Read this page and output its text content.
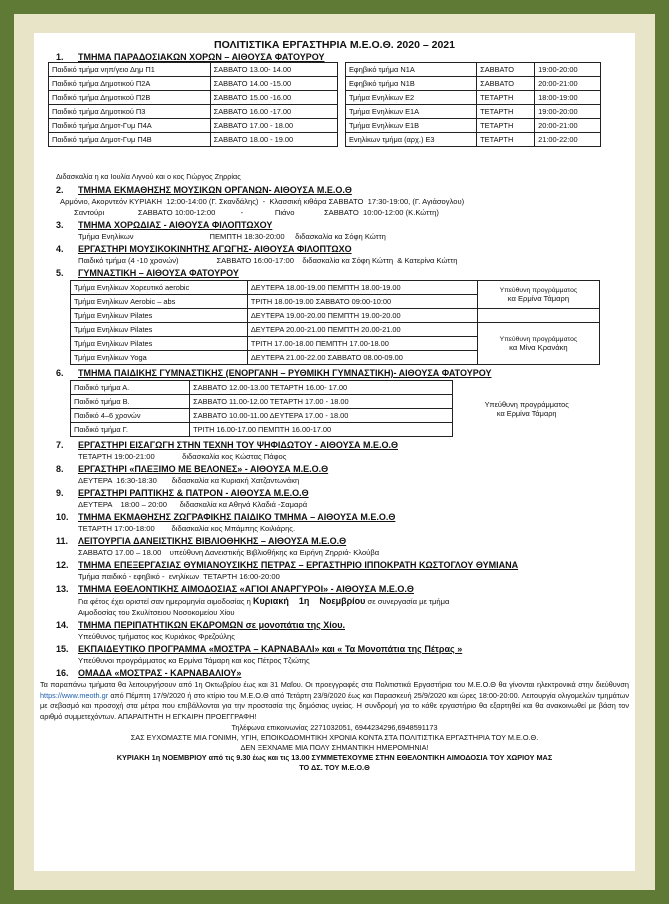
ΠΟΛΙΤΙΣΤΙΚΑ ΕΡΓΑΣΤΗΡΙΑ Μ.Ε.Ο.Θ. 2020 – 2021
1.	ΤΜΗΜΑ ΠΑΡΑΔΟΣΙΑΚΩΝ ΧΟΡΩΝ – ΑΙΘΟΥΣΑ ΦΑΤΟΥΡΟΥ
Παιδικό τμήμα νηπ/γειο Δημ Π1	ΣΑΒΒΑΤΟ 13.00- 14.00
Παιδικό τμήμα Δημοτικού Π2Α	ΣΑΒΒΑΤΟ 14.00 -15.00
Παιδικό τμήμα Δημοτικού Π2Β	ΣΑΒΒΑΤΟ 15.00 -16.00
Παιδικό τμήμα Δημοτικού Π3	ΣΑΒΒΑΤΟ 16.00 -17.00
Παιδικό τμήμα Δημοτ-Γυμ Π4Α	ΣΑΒΒΑΤΟ 17.00 - 18.00
Παιδικό τμήμα Δημοτ-Γυμ Π4Β	ΣΑΒΒΑΤΟ 18.00 - 19.00
Εφηβικό τμήμα Ν1Α	ΣΑΒΒΑΤΟ	19:00-20:00
Εφηβικό τμήμα Ν1Β	ΣΑΒΒΑΤΟ	20:00-21:00
Τμήμα Ενηλίκων Ε2	ΤΕΤΑΡΤΗ	18:00-19:00
Τμήμα Ενηλίκων Ε1Α	ΤΕΤΑΡΤΗ	19:00-20:00
Τμήμα Ενηλίκων Ε1Β	ΤΕΤΑΡΤΗ	20:00-21:00
Ενηλίκων τμήμα (αρχ.) Ε3	ΤΕΤΑΡΤΗ	21:00-22:00
Διδασκαλία η κα Ιουλία Λιγνού και ο κος Γιώργος Ζηρρίας
2.	ΤΜΗΜΑ ΕΚΜΑΘΗΣΗΣ ΜΟΥΣΙΚΩΝ ΟΡΓΑΝΩΝ- ΑΙΘΟΥΣΑ Μ.Ε.Ο.Θ
Αρμόνιο, Ακορντεόν ΚΥΡΙΑΚΗ  12:00-14:00 (Γ. Σκανδάλης)  -  Κλασσική κιθάρα ΣΑΒΒΑΤΟ  17:30-19:00, (Γ. Αγιάσογλου)
Σαντούρι                ΣΑΒΒΑΤΟ 10:00-12:00            -               Πιάνο              ΣΑΒΒΑΤΟ  10:00-12:00 (Κ.Κώττη)
3.	ΤΜΗΜΑ ΧΟΡΩΔΙΑΣ - ΑΙΘΟΥΣΑ ΦΙΛΟΠΤΩΧΟΥ
Τμήμα Ενηλίκων                                    ΠΕΜΠΤΗ 18:30-20:00     διδασκαλία κα Σόφη Κώττη
4.	ΕΡΓΑΣΤΗΡΙ ΜΟΥΣΙΚΟΚΙΝΗΤΗΣ ΑΓΩΓΗΣ- ΑΙΘΟΥΣΑ ΦΙΛΟΠΤΩΧΟ
Παιδικό τμήμα (4 -10 χρονών)                  ΣΑΒΒΑΤΟ 16:00-17:00    διδασκαλία κα Σόφη Κώττη  & Κατερίνα Κώττη
5.	ΓΥΜΝΑΣΤΙΚΗ – ΑΙΘΟΥΣΑ ΦΑΤΟΥΡΟΥ
Τμήμα Ενηλίκων Χορευτικό aerobic	ΔΕΥΤΕΡΑ 18.00-19.00 ΠΕΜΠΤΗ 18.00-19.00	Υπεύθυνη προγράμματος
κα Ερμίνα Τάμαρη

Τμήμα Ενηλίκων Aerobic – abs	ΤΡΙΤΗ 18.00-19.00 ΣΑΒΒΑΤΟ 09:00-10:00	
Τμήμα Ενηλίκων Pilates	ΔΕΥΤΕΡΑ 19.00-20.00 ΠΕΜΠΤΗ 19.00-20.00	
Τμήμα Ενηλίκων Pilates	ΔΕΥΤΕΡΑ 20.00-21.00 ΠΕΜΠΤΗ 20.00-21.00	Υπεύθυνη προγράμματος
κα Μίνα Κρανάκη

Τμήμα Ενηλίκων Pilates	ΤΡΙΤΗ 17.00-18.00 ΠΕΜΠΤΗ 17.00-18.00	
Τμήμα Ενηλίκων Yoga	ΔΕΥΤΕΡΑ 21.00-22.00 ΣΑΒΒΑΤΟ 08.00-09.00	
6.	ΤΜΗΜΑ ΠΑΙΔΙΚΗΣ ΓΥΜΝΑΣΤΙΚΗΣ (ΕΝΟΡΓΑΝΗ – ΡΥΘΜΙΚΗ ΓΥΜΝΑΣΤΙΚΗ)- ΑΙΘΟΥΣΑ ΦΑΤΟΥΡΟΥ
Παιδικό τμήμα Α.	ΣΑΒΒΑΤΟ 12.00-13.00 ΤΕΤΑΡΤΗ 16.00- 17.00	Υπεύθυνη προγράμματος
κα Ερμίνα Τάμαρη

Παιδικό τμήμα Β.	ΣΑΒΒΑΤΟ 11.00-12.00 ΤΕΤΑΡΤΗ 17.00 - 18.00	
Παιδικό 4–6 χρονών	ΣΑΒΒΑΤΟ 10.00-11.00 ΔΕΥΤΕΡΑ 17.00 - 18.00	
Παιδικό τμήμα Γ.	ΤΡΙΤΗ 16.00-17.00 ΠΕΜΠΤΗ 16.00-17.00	
7.	ΕΡΓΑΣΤΗΡΙ ΕΙΣΑΓΩΓΗ ΣΤΗΝ ΤΕΧΝΗ ΤΟΥ ΨΗΦΙΔΩΤΟΥ - ΑΙΘΟΥΣΑ Μ.Ε.Ο.Θ
ΤΕΤΑΡΤΗ 19:00-21:00             διδασκαλία κος Κώστας Πάφος
8.	ΕΡΓΑΣΤΗΡΙ «ΠΛΕΞΙΜΟ ΜΕ ΒΕΛΟΝΕΣ» - ΑΙΘΟΥΣΑ Μ.Ε.Ο.Θ
ΔΕΥΤΕΡΑ  16:30-18:30       διδασκαλία κα Κυριακή Χατζαντωνάκη
9.	ΕΡΓΑΣΤΗΡΙ ΡΑΠΤΙΚΗΣ & ΠΑΤΡΟΝ - ΑΙΘΟΥΣΑ Μ.Ε.Ο.Θ
ΔΕΥΤΕΡΑ    18:00 – 20:00      διδασκαλία κα Αθηνά Κλαδιά -Σαμαρά
10.	ΤΜΗΜΑ ΕΚΜΑΘΗΣΗΣ ΖΩΓΡΑΦΙΚΗΣ ΠΑΙΔΙΚΟ ΤΜΗΜΑ – ΑΙΘΟΥΣΑ Μ.Ε.Ο.Θ
ΤΕΤΑΡΤΗ 17:00-18:00        διδασκαλία κος Μπάμπης Κοιλιάρης.
11.	ΛΕΙΤΟΥΡΓΙΑ ΔΑΝΕΙΣΤΙΚΗΣ ΒΙΒΛΙΟΘΗΚΗΣ – ΑΙΘΟΥΣΑ Μ.Ε.Ο.Θ
ΣΑΒΒΑΤΟ 17.00 – 18.00    υπεύθυνη Δανειστικής Βιβλιοθήκης κα Ειρήνη Ζηρριά- Κλούβα
12.	ΤΜΗΜΑ ΕΠΕΞΕΡΓΑΣΙΑΣ ΘΥΜΙΑΝΟΥΣΙΚΗΣ ΠΕΤΡΑΣ – ΕΡΓΑΣΤΗΡΙΟ ΙΠΠΟΚΡΑΤΗ ΚΩΣΤΟΓΛΟΥ ΘΥΜΙΑΝΑ
Τμήμα παιδικό - εφηβικό -  ενηλίκων  ΤΕΤΑΡΤΗ 16:00-20:00
13.	ΤΜΗΜΑ ΕΘΕΛΟΝΤΙΚΗΣ ΑΙΜΟΔΟΣΙΑΣ «ΑΓΙΟΙ ΑΝΑΡΓΥΡΟΙ» - ΑΙΘΟΥΣΑ Μ.Ε.Ο.Θ
Για φέτος έχει οριστεί σαν ημερομηνία αιμοδοσίας η Κυριακή    1η    Νοεμβρίου σε συνεργασία με τμήμα
Αιμοδοσίας του Σκυλίτσειου Νοσοκομείου Χίου
14.	ΤΜΗΜΑ ΠΕΡΙΠΑΤΗΤΙΚΩΝ ΕΚΔΡΟΜΩΝ σε μονοπάτια της Χίου.
Υπεύθυνος τμήματος κος Κυριάκος Φρεζούλης
15.	ΕΚΠΑΙΔΕΥΤΙΚΟ ΠΡΟΓΡΑΜΜΑ «ΜΟΣΤΡΑ – ΚΑΡΝΑΒΑΛΙ» και « Τα Μονοπάτια της Πέτρας »
Υπεύθυνοι προγράμματος κα Ερμίνα Τάμαρη και κος Πέτρος Τζιώτης
16.	ΟΜΑΔΑ «ΜΟΣΤΡΑΣ - ΚΑΡΝΑΒΑΛΙΟΥ»
Τα παραπάνω τμήματα θα λειτουργήσουν από 1η Οκτωβρίου έως και 31 Μαΐου. Οι προεγγραφές στα Πολιτιστικά Εργαστήρια του Μ.Ε.Ο.Θ θα γίνονται ηλεκτρονικά στην διεύθυνση https://www.meoth.gr από Πέμπτη 17/9/2020 ή στο κτίριο του Μ.Ε.Ο.Θ από Τετάρτη 23/9/2020 έως και Παρασκευή 25/9/2020 και ώρες 18:00-20:00. Λειτουργία ολιγομελών τμημάτων με σεβασμό και προσοχή στα μέτρα που επιβάλλονται για την προστασία της δημόσιας υγείας. Η συνδρομή για το κάθε εργαστήριο θα εξαρτηθεί και θα ανακοινωθεί με βάση τον αριθμό συμμετεχόντων. ΑΠΑΡΑΙΤΗΤΗ Η ΕΓΚΑΙΡΗ ΠΡΟΕΓΓΡΑΦΗ!
Τηλέφωνα επικοινωνίας 2271032051, 6944234296,6948591173
ΣΑΣ ΕΥΧΟΜΑΣΤΕ ΜΙΑ ΓΟΝΙΜΗ, ΥΓΙΗ, ΕΠΟΙΚΟΔΟΜΗΤΙΚΗ ΧΡΟΝΙΑ ΚΟΝΤΑ ΣΤΑ ΠΟΛΙΤΙΣΤΙΚΑ ΕΡΓΑΣΤΗΡΙΑ ΤΟΥ Μ.Ε.Ο.Θ.
ΔΕΝ ΞΕΧΝΑΜΕ ΜΙΑ ΠΟΛΥ ΣΗΜΑΝΤΙΚΗ ΗΜΕΡΟΜΗΝΙΑ!
ΚΥΡΙΑΚΗ 1η ΝΟΕΜΒΡΙΟΥ από τις 9.30 έως και τις 13.00 ΣΥΜΜΕΤΕΧΟΥΜΕ ΣΤΗΝ ΕΘΕΛΟΝΤΙΚΗ ΑΙΜΟΔΟΣΙΑ ΤΟΥ ΧΩΡΙΟΥ ΜΑΣ
ΤΟ ΔΣ. ΤΟΥ Μ.Ε.Ο.Θ
